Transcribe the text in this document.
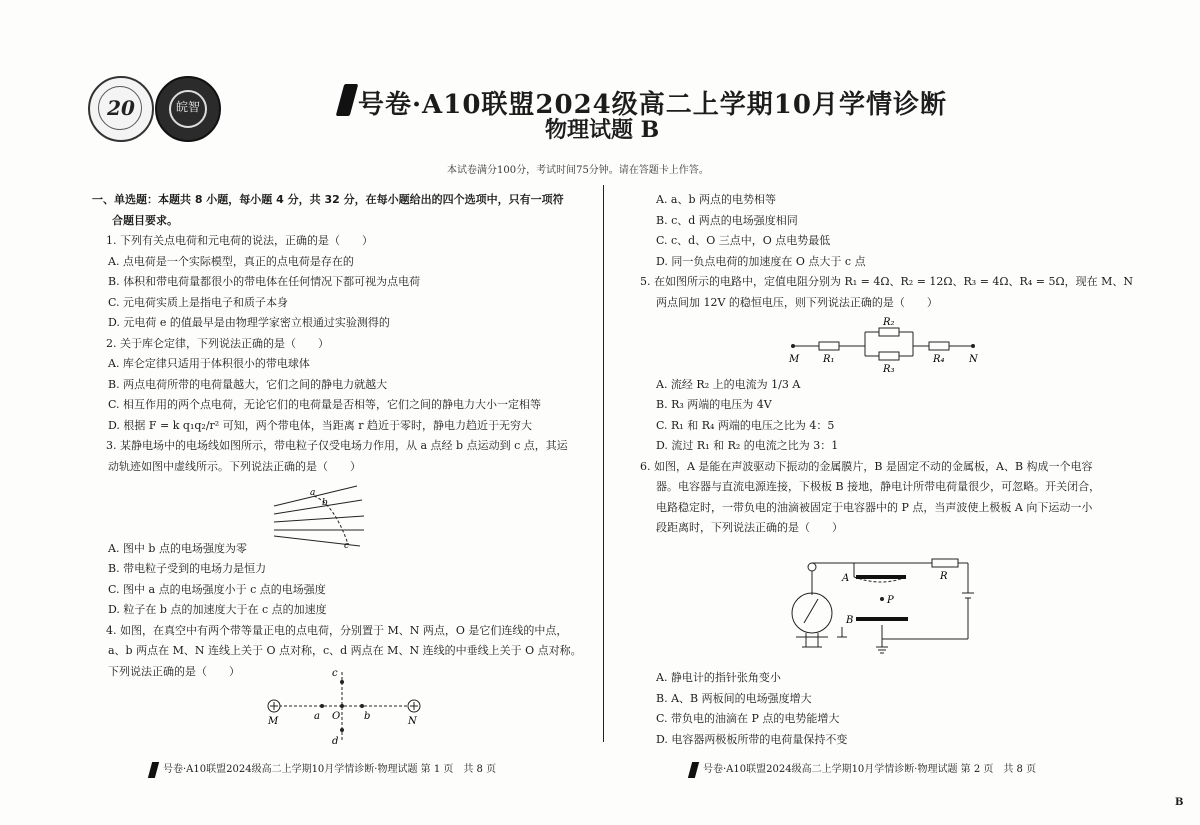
20	皖智	号卷·A10联盟2024级高二上学期10月学情诊断
物理试题 B
本试卷满分100分，考试时间75分钟。请在答题卡上作答。

一、单选题：本题共 8 小题，每小题 4 分，共 32 分，在每小题给出的四个选项中，只有一项符

合题目要求。

1. 下列有关点电荷和元电荷的说法，正确的是（　　）

A. 点电荷是一个实际模型，真正的点电荷是存在的

B. 体积和带电荷量都很小的带电体在任何情况下都可视为点电荷

C. 元电荷实质上是指电子和质子本身

D. 元电荷 e 的值最早是由物理学家密立根通过实验测得的

2. 关于库仑定律，下列说法正确的是（　　）

A. 库仑定律只适用于体积很小的带电球体

B. 两点电荷所带的电荷量越大，它们之间的静电力就越大

C. 相互作用的两个点电荷，无论它们的电荷量是否相等，它们之间的静电力大小一定相等

D. 根据 F = k q₁q₂/r² 可知，两个带电体，当距离 r 趋近于零时，静电力趋近于无穷大

3. 某静电场中的电场线如图所示，带电粒子仅受电场力作用，从 a 点经 b 点运动到 c 点，其运

动轨迹如图中虚线所示。下列说法正确的是（　　）

A. 图中 b 点的电场强度为零

B. 带电粒子受到的电场力是恒力

C. 图中 a 点的电场强度小于 c 点的电场强度

D. 粒子在 b 点的加速度大于在 c 点的加速度

4. 如图，在真空中有两个带等量正电的点电荷，分别置于 M、N 两点，O 是它们连线的中点，

a、b 两点在 M、N 连线上关于 O 点对称，c、d 两点在 M、N 连线的中垂线上关于 O 点对称。

下列说法正确的是（　　）

A. a、b 两点的电势相等

B. c、d 两点的电场强度相同

C. c、d、O 三点中，O 点电势最低

D. 同一负点电荷的加速度在 O 点大于 c 点

5. 在如图所示的电路中，定值电阻分别为 R₁ = 4Ω、R₂ = 12Ω、R₃ = 4Ω、R₄ = 5Ω，现在 M、N

两点间加 12V 的稳恒电压，则下列说法正确的是（　　）

A. 流经 R₂ 上的电流为 1/3 A

B. R₃ 两端的电压为 4V

C. R₁ 和 R₄ 两端的电压之比为 4：5

D. 流过 R₁ 和 R₂ 的电流之比为 3：1

6. 如图，A 是能在声波驱动下振动的金属膜片，B 是固定不动的金属板，A、B 构成一个电容

器。电容器与直流电源连接，下极板 B 接地，静电计所带电荷量很少，可忽略。开关闭合，

电路稳定时，一带负电的油滴被固定于电容器中的 P 点，当声波使上极板 A 向下运动一小

段距离时，下列说法正确的是（　　）

A. 静电计的指针张角变小

B. A、B 两板间的电场强度增大

C. 带负电的油滴在 P 点的电势能增大

D. 电容器两极板所带的电荷量保持不变

a
b
c
M	a O b	N
c
d
M R₁
R₂
R₃
R₄ N
A
B
P
R
号卷·A10联盟2024级高二上学期10月学情诊断·物理试题 第 1 页　共 8 页	号卷·A10联盟2024级高二上学期10月学情诊断·物理试题 第 2 页　共 8 页
B
